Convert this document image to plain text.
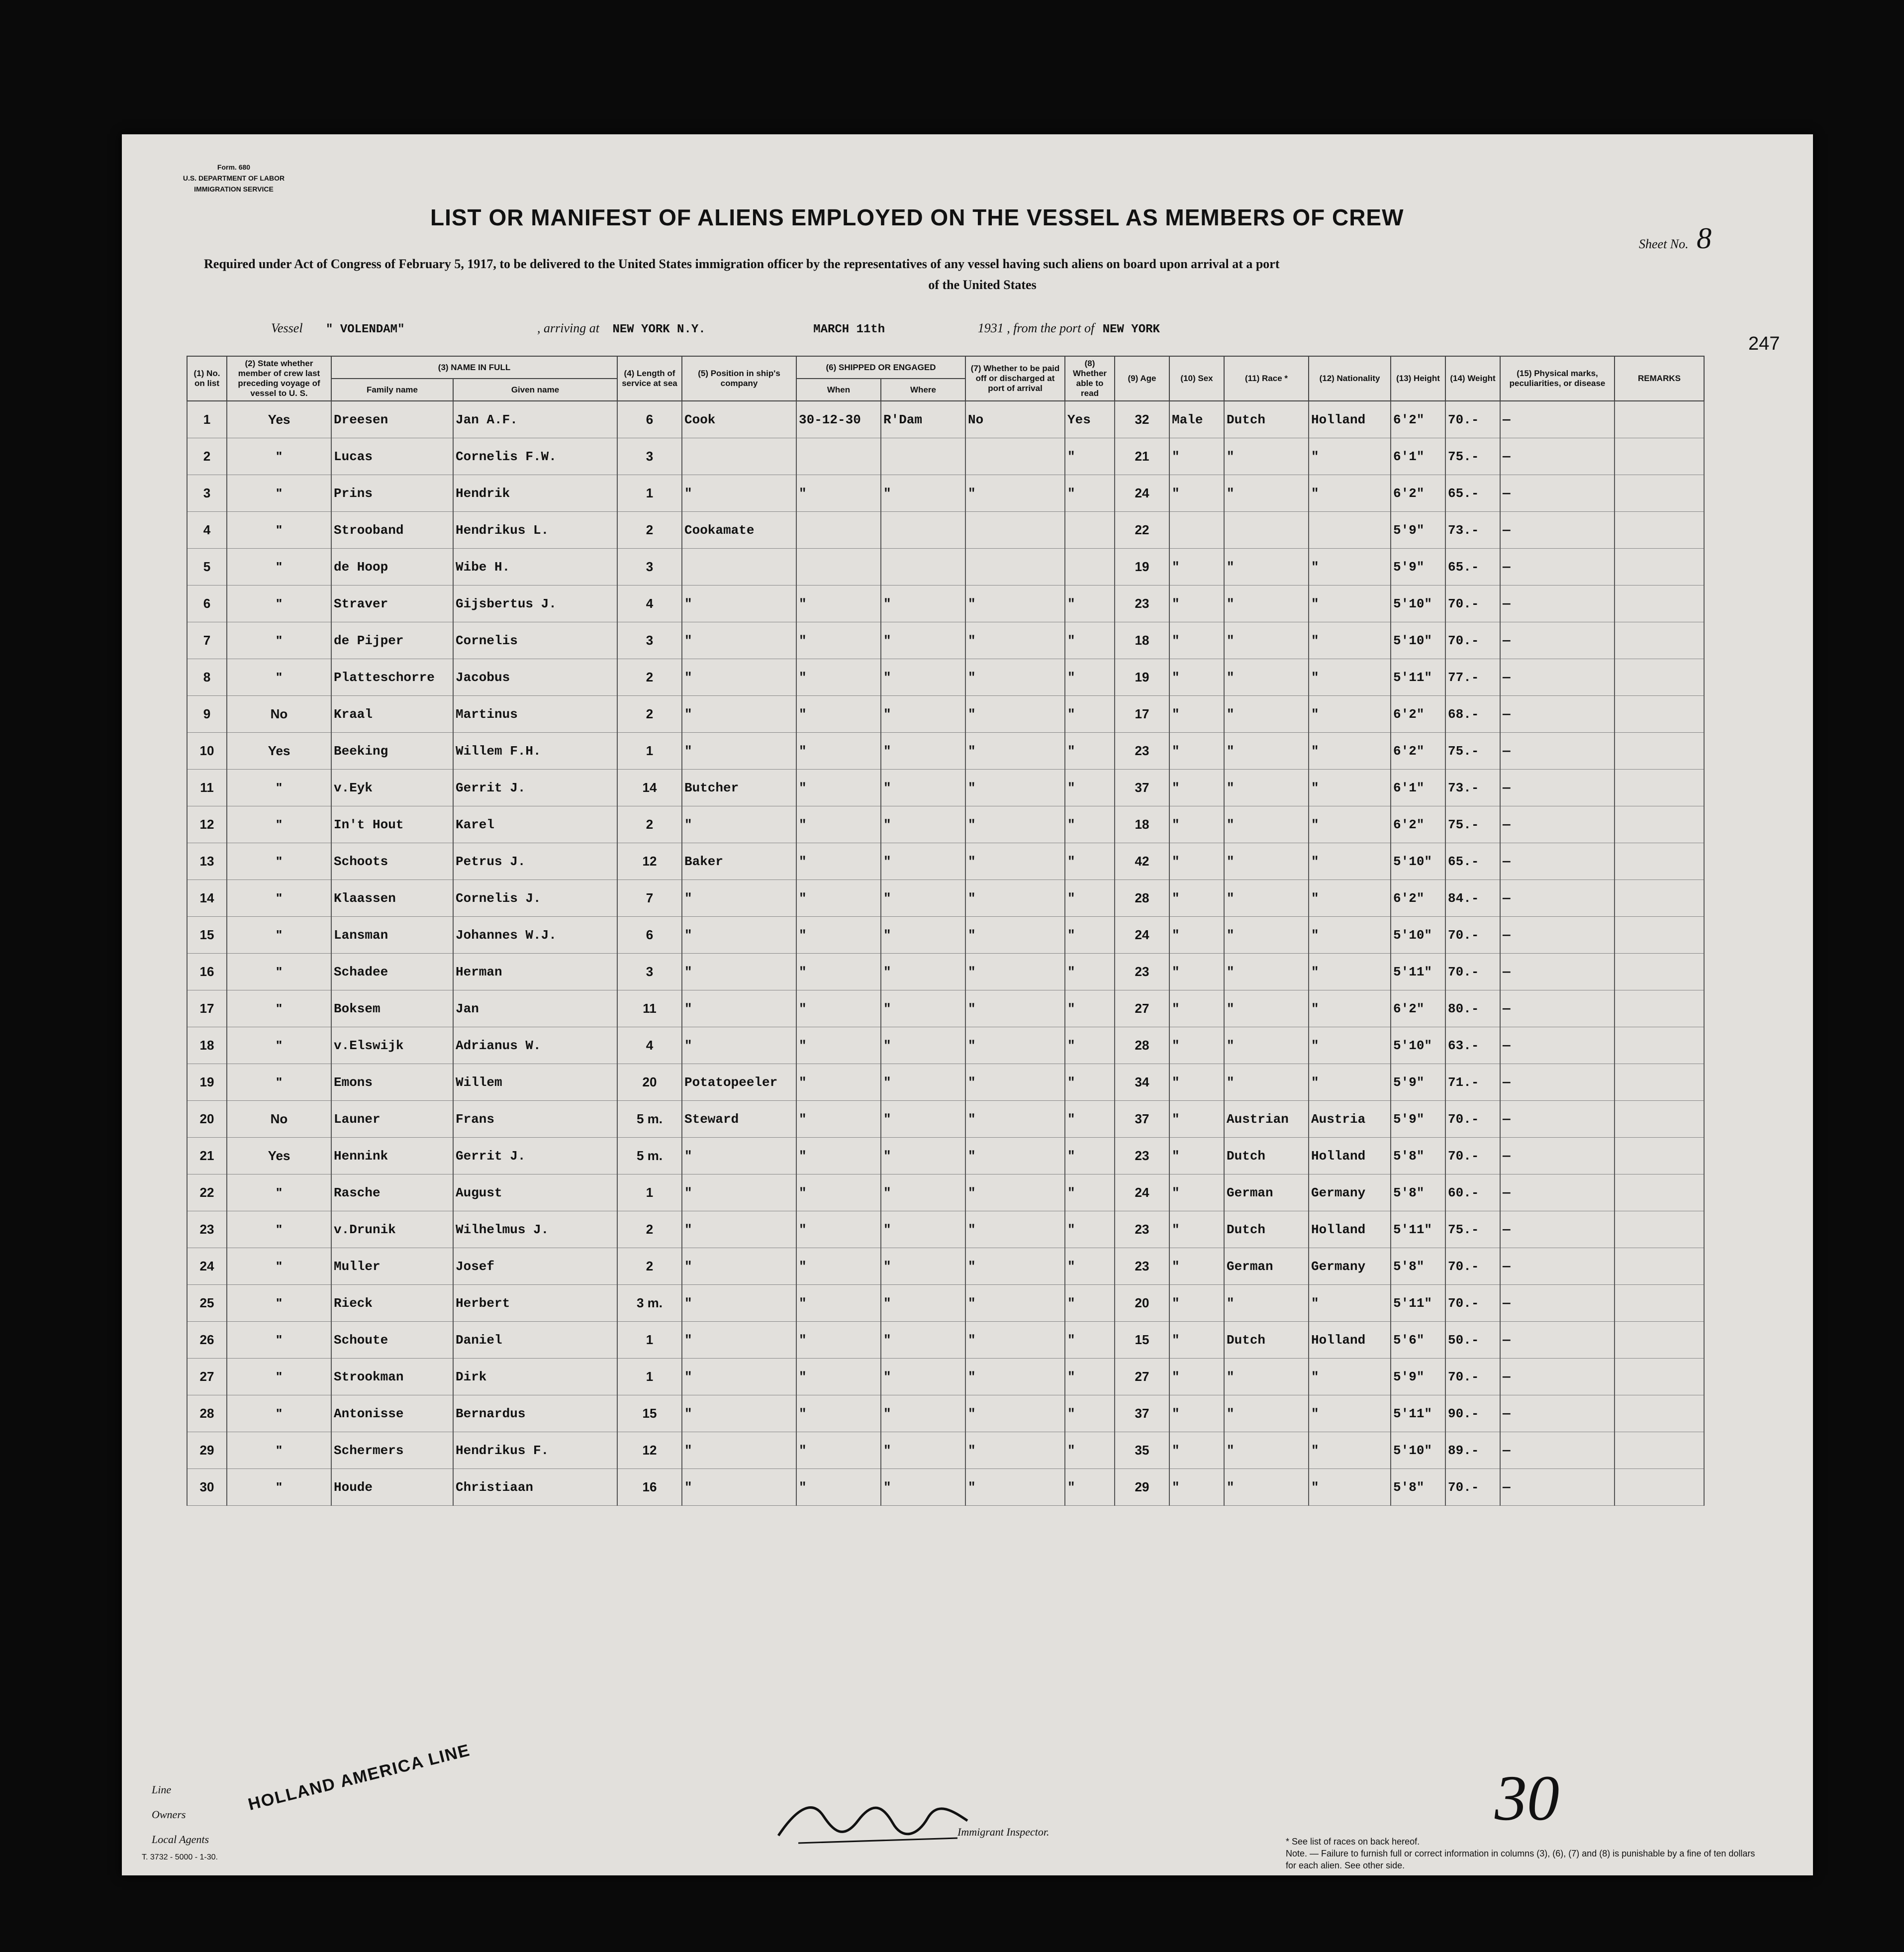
Form. 680
U.S. DEPARTMENT OF LABOR
IMMIGRATION SERVICE
LIST OR MANIFEST OF ALIENS EMPLOYED ON THE VESSEL AS MEMBERS OF CREW
Sheet No. 8
Required under Act of Congress of February 5, 1917, to be delivered to the United States immigration officer by the representatives of any vessel having such aliens on board upon arrival at a port
of the United States
Vessel " VOLENDAM"	, arriving at NEW YORK N.Y.	MARCH 11th	1931 , from the port of NEW YORK
247
(1) No. on list	(2) State whether member of crew last preceding voyage of vessel to U. S.	(3) NAME IN FULL		(4) Length of service at sea	(5) Position in ship's company	(6) SHIPPED OR ENGAGED		(7) Whether to be paid off or discharged at port of arrival	(8) Whether able to read	(9) Age	(10) Sex	(11) Race *	(12) Nationality	(13) Height	(14) Weight	(15) Physical marks, peculiarities, or disease	REMARKS
		Family name	Given name			When	Where										
1	Yes	Dreesen	Jan A.F.	6	Cook	30-12-30	R'Dam	No	Yes	32	Male	Dutch	Holland	6'2"	70.-	—	
2	"	Lucas	Cornelis F.W.	3					"	21	"	"	"	6'1"	75.-	—	
3	"	Prins	Hendrik	1	"	"	"	"	"	24	"	"	"	6'2"	65.-	—	
4	"	Strooband	Hendrikus L.	2	Cookamate					22				5'9"	73.-	—	
5	"	de Hoop	Wibe H.	3						19	"	"	"	5'9"	65.-	—	
6	"	Straver	Gijsbertus J.	4	"	"	"	"	"	23	"	"	"	5'10"	70.-	—	
7	"	de Pijper	Cornelis	3	"	"	"	"	"	18	"	"	"	5'10"	70.-	—	
8	"	Platteschorre	Jacobus	2	"	"	"	"	"	19	"	"	"	5'11"	77.-	—	
9	No	Kraal	Martinus	2	"	"	"	"	"	17	"	"	"	6'2"	68.-	—	
10	Yes	Beeking	Willem F.H.	1	"	"	"	"	"	23	"	"	"	6'2"	75.-	—	
11	"	v.Eyk	Gerrit J.	14	Butcher	"	"	"	"	37	"	"	"	6'1"	73.-	—	
12	"	In't Hout	Karel	2	"	"	"	"	"	18	"	"	"	6'2"	75.-	—	
13	"	Schoots	Petrus J.	12	Baker	"	"	"	"	42	"	"	"	5'10"	65.-	—	
14	"	Klaassen	Cornelis J.	7	"	"	"	"	"	28	"	"	"	6'2"	84.-	—	
15	"	Lansman	Johannes W.J.	6	"	"	"	"	"	24	"	"	"	5'10"	70.-	—	
16	"	Schadee	Herman	3	"	"	"	"	"	23	"	"	"	5'11"	70.-	—	
17	"	Boksem	Jan	11	"	"	"	"	"	27	"	"	"	6'2"	80.-	—	
18	"	v.Elswijk	Adrianus W.	4	"	"	"	"	"	28	"	"	"	5'10"	63.-	—	
19	"	Emons	Willem	20	Potatopeeler	"	"	"	"	34	"	"	"	5'9"	71.-	—	
20	No	Launer	Frans	5 m.	Steward	"	"	"	"	37	"	Austrian	Austria	5'9"	70.-	—	
21	Yes	Hennink	Gerrit J.	5 m.	"	"	"	"	"	23	"	Dutch	Holland	5'8"	70.-	—	
22	"	Rasche	August	1	"	"	"	"	"	24	"	German	Germany	5'8"	60.-	—	
23	"	v.Drunik	Wilhelmus J.	2	"	"	"	"	"	23	"	Dutch	Holland	5'11"	75.-	—	
24	"	Muller	Josef	2	"	"	"	"	"	23	"	German	Germany	5'8"	70.-	—	
25	"	Rieck	Herbert	3 m.	"	"	"	"	"	20	"	"	"	5'11"	70.-	—	
26	"	Schoute	Daniel	1	"	"	"	"	"	15	"	Dutch	Holland	5'6"	50.-	—	
27	"	Strookman	Dirk	1	"	"	"	"	"	27	"	"	"	5'9"	70.-	—	
28	"	Antonisse	Bernardus	15	"	"	"	"	"	37	"	"	"	5'11"	90.-	—	
29	"	Schermers	Hendrikus F.	12	"	"	"	"	"	35	"	"	"	5'10"	89.-	—	
30	"	Houde	Christiaan	16	"	"	"	"	"	29	"	"	"	5'8"	70.-	—	
Line
Owners
Local Agents
HOLLAND AMERICA LINE
Immigrant Inspector.	30
* See list of races on back hereof.
Note. — Failure to furnish full or correct information in columns (3), (6), (7) and (8) is punishable by a fine of ten dollars for each alien. See other side.
T. 3732 - 5000 - 1-30.
